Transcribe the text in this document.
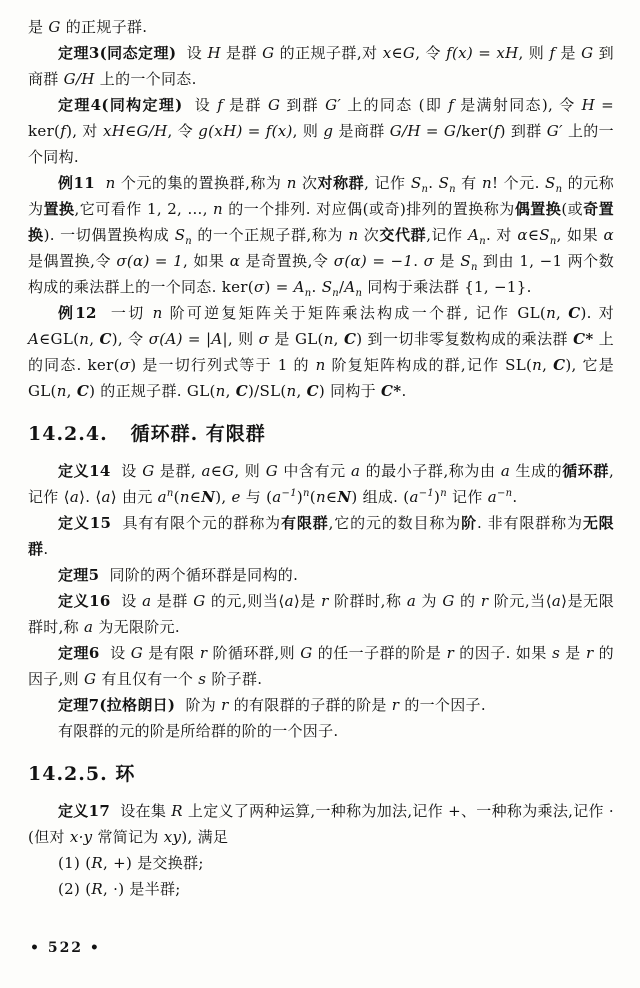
是 G 的正规子群.

定理3(同态定理)  设 H 是群 G 的正规子群,对 x∈G, 令 f(x) = xH, 则 f 是 G 到商群 G/H 上的一个同态.

定理4(同构定理)  设 f 是群 G 到群 G′ 上的同态 (即 f 是满射同态), 令 H = ker(f), 对 xH∈G/H, 令 g(xH) = f(x), 则 g 是商群 G/H = G/ker(f) 到群 G′ 上的一个同构.

例11 n 个元的集的置换群,称为 n 次对称群, 记作 $S_n$. $S_n$ 有 n! 个元. $S_n$ 的元称为置换,它可看作 1, 2, …, n 的一个排列. 对应偶(或奇)排列的置换称为偶置换(或奇置换). 一切偶置换构成 $S_n$ 的一个正规子群,称为 n 次交代群,记作 $A_n$. 对 $\alpha\in S_n$, 如果 α 是偶置换,令 σ(α) = 1, 如果 α 是奇置换,令 σ(α) = −1. σ 是 $S_n$ 到由 1, −1 两个数构成的乘法群上的一个同态. $ker(\sigma) = A_n$. $S_n/A_n$ 同构于乘法群 {1, −1}.

例12  一切 n 阶可逆复矩阵关于矩阵乘法构成一个群, 记作 GL(n, C). 对 A∈GL(n, C), 令 σ(A) = |A|, 则 σ 是 GL(n, C) 到一切非零复数构成的乘法群 C* 上的同态. ker(σ) 是一切行列式等于 1 的 n 阶复矩阵构成的群,记作 SL(n, C), 它是 GL(n, C) 的正规子群. GL(n, C)/SL(n, C) 同构于 C*.

14.2.4.   循环群. 有限群

定义14  设 G 是群, a∈G, 则 G 中含有元 a 的最小子群,称为由 a 生成的循环群,记作 ⟨a⟩. ⟨a⟩ 由元 $a^n(n\in N)$, e 与 $(a^{-1})^n(n\in N)$ 组成. $(a^{-1})^n$ 记作 $a^{-n}$.

定义15  具有有限个元的群称为有限群,它的元的数目称为阶. 非有限群称为无限群.

定理5  同阶的两个循环群是同构的.

定义16  设 a 是群 G 的元,则当⟨a⟩是 r 阶群时,称 a 为 G 的 r 阶元,当⟨a⟩是无限群时,称 a 为无限阶元.

定理6  设 G 是有限 r 阶循环群,则 G 的任一子群的阶是 r 的因子. 如果 s 是 r 的因子,则 G 有且仅有一个 s 阶子群.

定理7(拉格朗日)  阶为 r 的有限群的子群的阶是 r 的一个因子.

有限群的元的阶是所给群的阶的一个因子.

14.2.5. 环

定义17  设在集 R 上定义了两种运算,一种称为加法,记作 +、一种称为乘法,记作 · (但对 x·y 常简记为 xy), 满足

(1) (R, +) 是交换群;

(2) (R, ·) 是半群;

• 522 •
